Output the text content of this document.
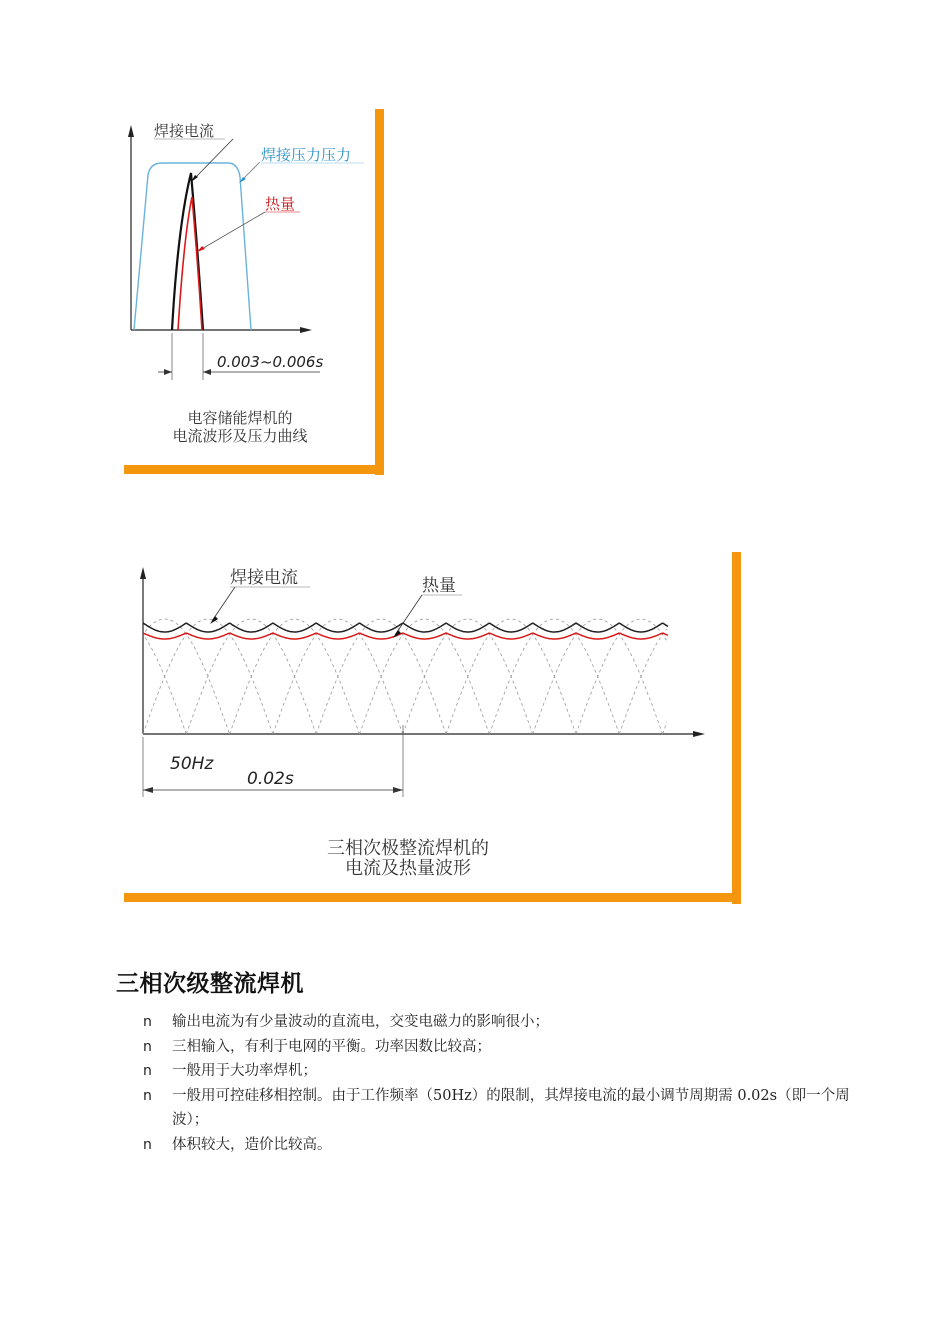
焊接电流
焊接压力压力
热量
0.003~0.006s
电容储能焊机的
电流波形及压力曲线
焊接电流	热量
50Hz
0.02s
三相次极整流焊机的
电流及热量波形
三相次级整流焊机
n 输出电流为有少量波动的直流电，交变电磁力的影响很小；
n 三相输入，有利于电网的平衡。功率因数比较高；
n 一般用于大功率焊机；
n 一般用可控硅移相控制。由于工作频率（50Hz）的限制，其焊接电流的最小调节周期需 0.02s（即一个周波）；
n 体积较大，造价比较高。
